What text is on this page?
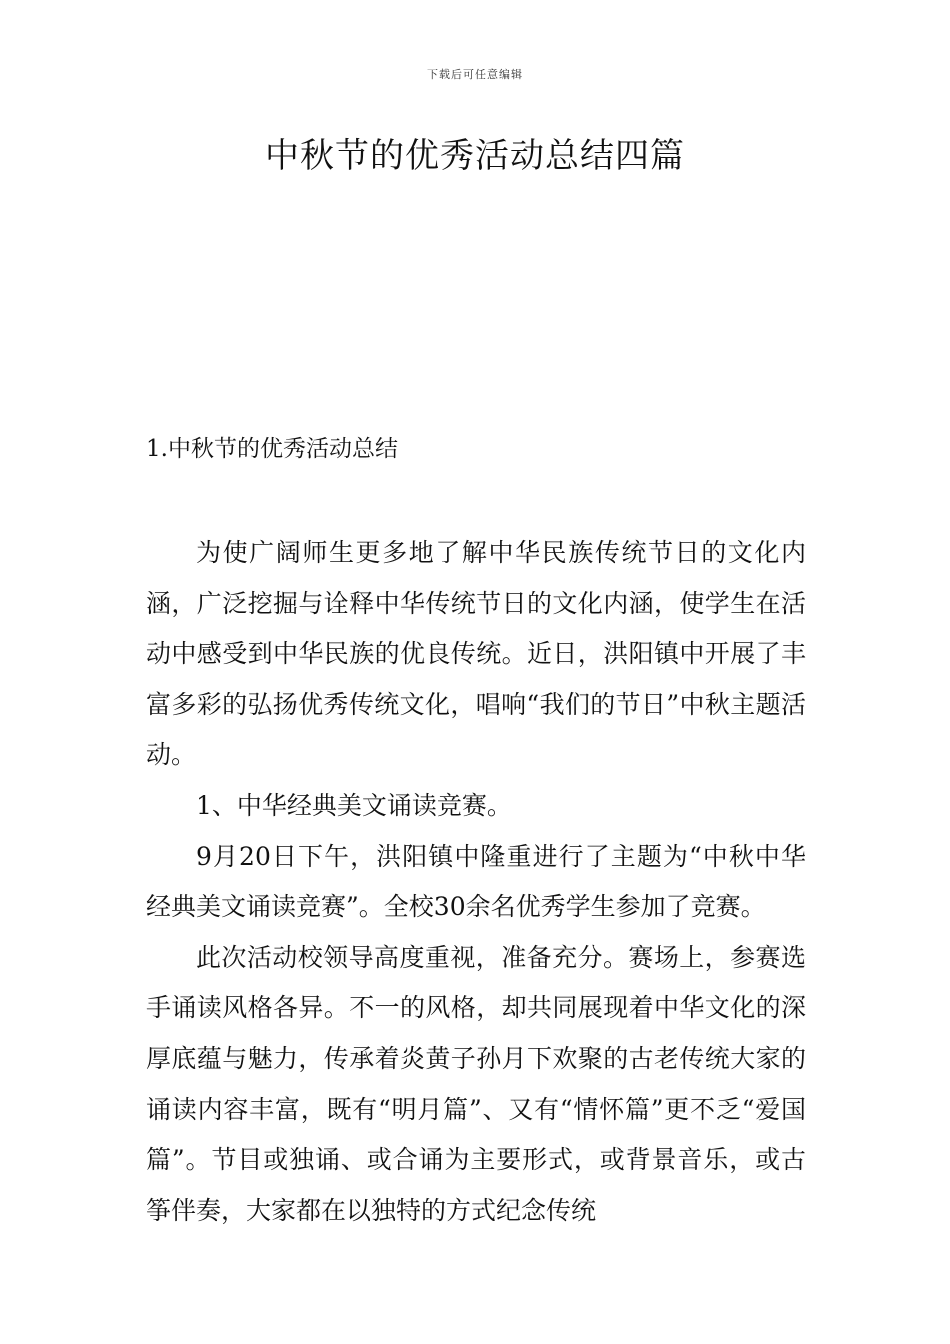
下载后可任意编辑
中秋节的优秀活动总结四篇
1.中秋节的优秀活动总结

为使广阔师生更多地了解中华民族传统节日的文化内涵，广泛挖掘与诠释中华传统节日的文化内涵，使学生在活动中感受到中华民族的优良传统。近日，洪阳镇中开展了丰富多彩的弘扬优秀传统文化，唱响“我们的节日”中秋主题活动。

1、中华经典美文诵读竞赛。

9月20日下午，洪阳镇中隆重进行了主题为“中秋中华经典美文诵读竞赛”。全校30余名优秀学生参加了竞赛。

此次活动校领导高度重视，准备充分。赛场上，参赛选手诵读风格各异。不一的风格，却共同展现着中华文化的深厚底蕴与魅力，传承着炎黄子孙月下欢聚的古老传统大家的诵读内容丰富，既有“明月篇”、又有“情怀篇”更不乏“爱国篇”。节目或独诵、或合诵为主要形式，或背景音乐，或古筝伴奏，大家都在以独特的方式纪念传统
